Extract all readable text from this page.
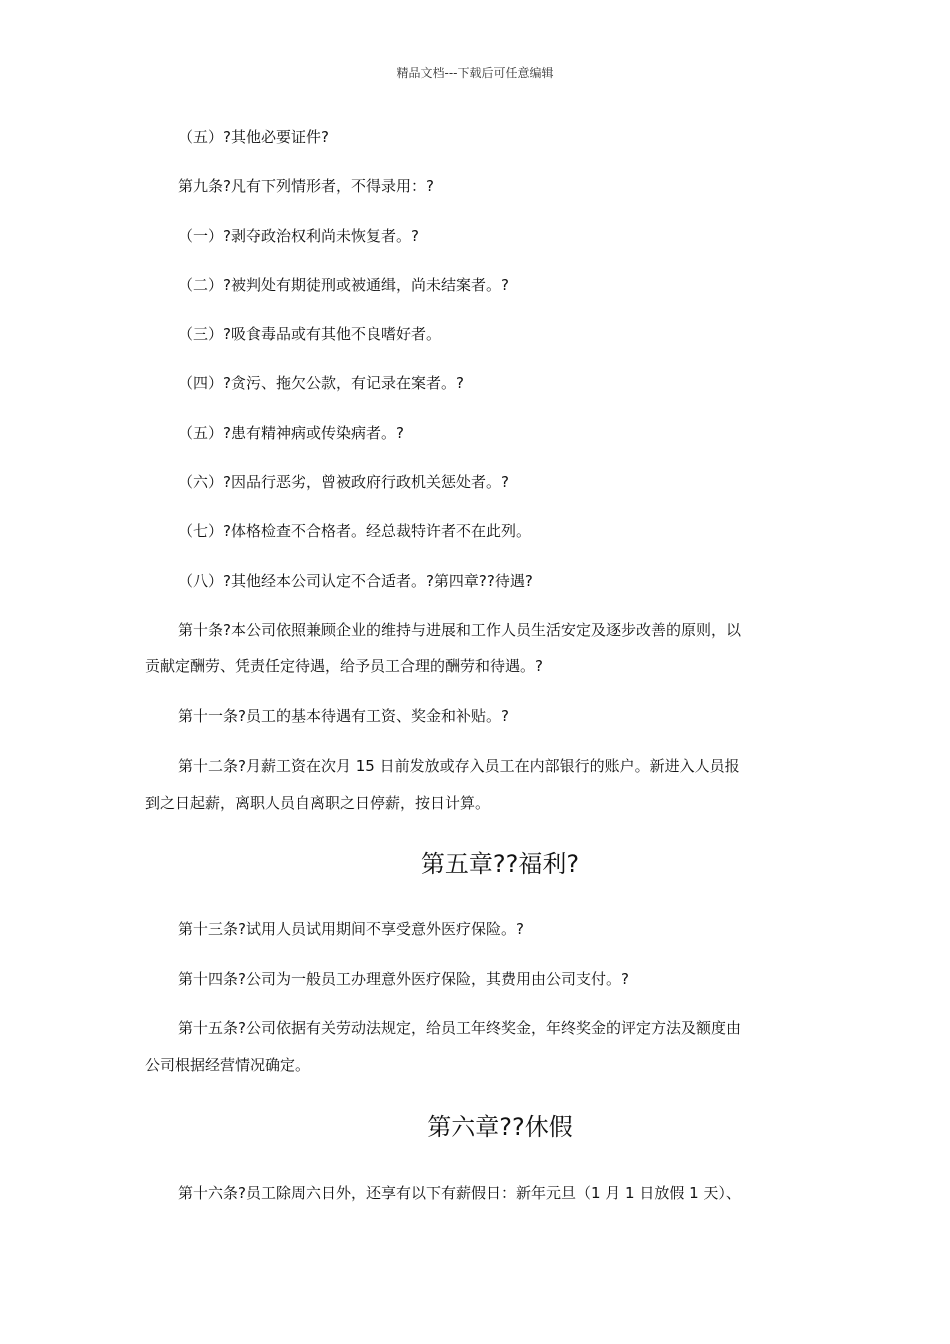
精品文档---下载后可任意编辑
（五）?其他必要证件?
第九条?凡有下列情形者，不得录用：?
（一）?剥夺政治权利尚未恢复者。?
（二）?被判处有期徒刑或被通缉，尚未结案者。?
（三）?吸食毒品或有其他不良嗜好者。
（四）?贪污、拖欠公款，有记录在案者。?
（五）?患有精神病或传染病者。?
（六）?因品行恶劣，曾被政府行政机关惩处者。?
（七）?体格检查不合格者。经总裁特许者不在此列。
（八）?其他经本公司认定不合适者。?第四章??待遇?
第十条?本公司依照兼顾企业的维持与进展和工作人员生活安定及逐步改善的原则，以
贡献定酬劳、凭责任定待遇，给予员工合理的酬劳和待遇。?
第十一条?员工的基本待遇有工资、奖金和补贴。?
第十二条?月薪工资在次月 15 日前发放或存入员工在内部银行的账户。新进入人员报
到之日起薪，离职人员自离职之日停薪，按日计算。
第五章??福利?
第十三条?试用人员试用期间不享受意外医疗保险。?
第十四条?公司为一般员工办理意外医疗保险，其费用由公司支付。?
第十五条?公司依据有关劳动法规定，给员工年终奖金，年终奖金的评定方法及额度由
公司根据经营情况确定。
第六章??休假
第十六条?员工除周六日外，还享有以下有薪假日：新年元旦（1 月 1 日放假 1 天）、
